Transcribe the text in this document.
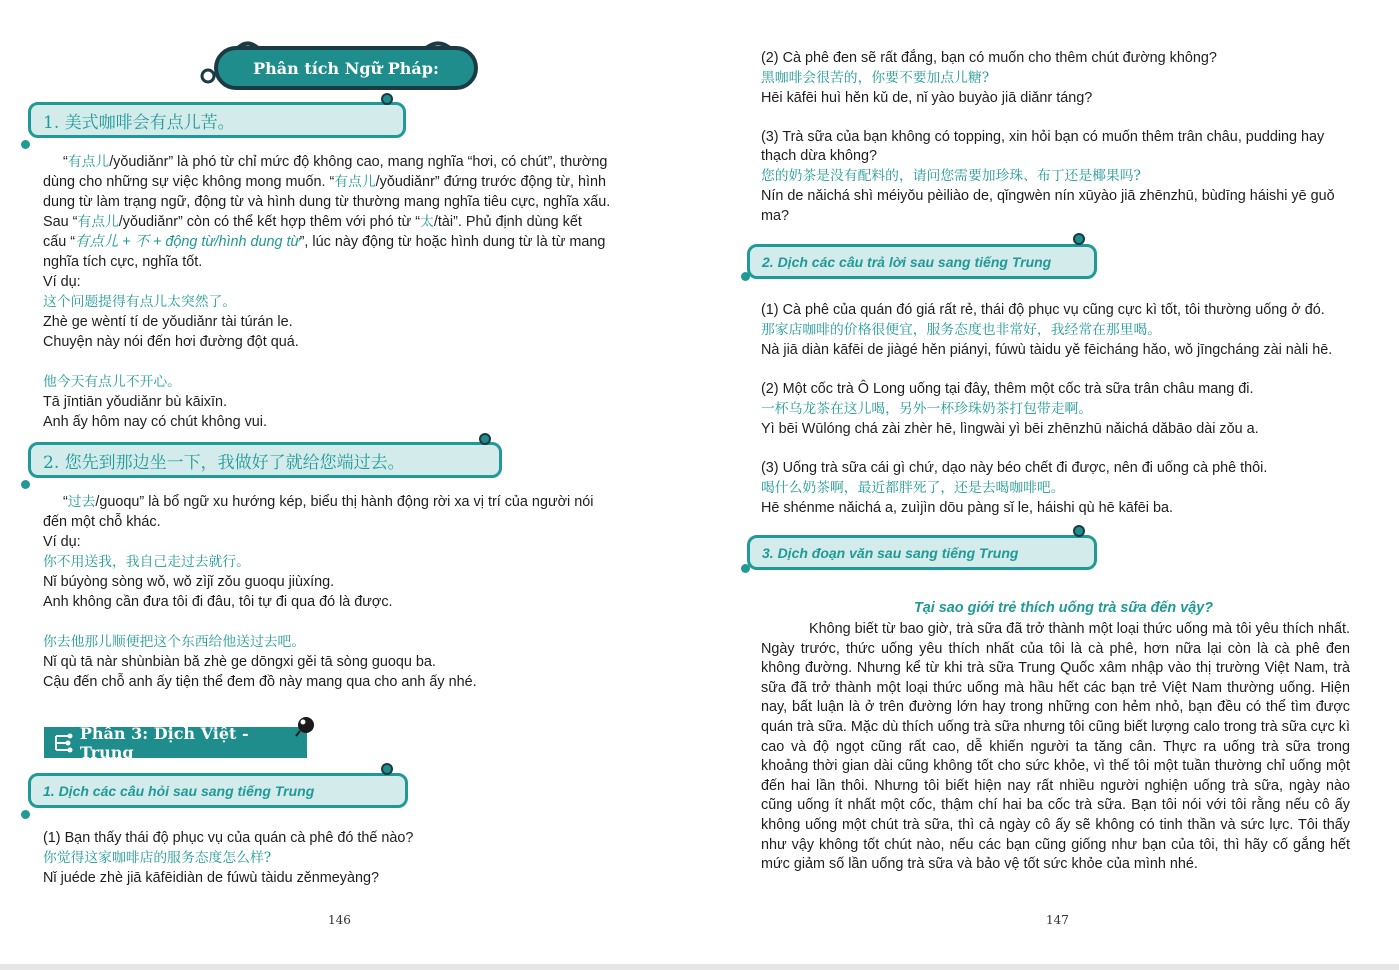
Phân tích Ngữ Pháp:
1. 美式咖啡会有点儿苦。
“有点儿/yǒudiǎnr” là phó từ chỉ mức độ không cao, mang nghĩa “hơi, có chút”, thường
dùng cho những sự việc không mong muốn. “有点儿/yǒudiǎnr” đứng trước động từ, hình
dung từ làm trạng ngữ, động từ và hình dung từ thường mang nghĩa tiêu cực, nghĩa xấu.
Sau “有点儿/yǒudiǎnr” còn có thể kết hợp thêm với phó từ “太/tài”. Phủ định dùng kết
cấu “有点儿 + 不 + động từ/hình dung từ”, lúc này động từ hoặc hình dung từ là từ mang
nghĩa tích cực, nghĩa tốt.
Ví dụ:
这个问题提得有点儿太突然了。
Zhè ge wèntí tí de yǒudiǎnr tài túrán le.
Chuyện này nói đến hơi đường đột quá.
他今天有点儿不开心。
Tā jīntiān yǒudiǎnr bù kāixīn.
Anh ấy hôm nay có chút không vui.
2. 您先到那边坐一下，我做好了就给您端过去。
“过去/guoqu” là bổ ngữ xu hướng kép, biểu thị hành động rời xa vị trí của người nói
đến một chỗ khác.
Ví dụ:
你不用送我，我自己走过去就行。
Nǐ búyòng sòng wǒ, wǒ zìjǐ zǒu guoqu jiùxíng.
Anh không cần đưa tôi đi đâu, tôi tự đi qua đó là được.
你去他那儿顺便把这个东西给他送过去吧。
Nǐ qù tā nàr shùnbiàn bǎ zhè ge dōngxi gěi tā sòng guoqu ba.
Cậu đến chỗ anh ấy tiện thể đem đồ này mang qua cho anh ấy nhé.
Phần 3: Dịch Việt - Trung
1. Dịch các câu hỏi sau sang tiếng Trung
(1) Bạn thấy thái độ phục vụ của quán cà phê đó thế nào?
你觉得这家咖啡店的服务态度怎么样?
Nǐ juéde zhè jiā kāfēidiàn de fúwù tàidu zěnmeyàng?
146
(2) Cà phê đen sẽ rất đắng, bạn có muốn cho thêm chút đường không?
黑咖啡会很苦的，你要不要加点儿糖?
Hēi kāfēi huì hěn kǔ de, nǐ yào buyào jiā diǎnr táng?
(3) Trà sữa của bạn không có topping, xin hỏi bạn có muốn thêm trân châu, pudding hay
thạch dừa không?
您的奶茶是没有配料的，请问您需要加珍珠、布丁还是椰果吗?
Nín de nǎichá shì méiyǒu pèiliào de, qǐngwèn nín xūyào jiā zhēnzhū, bùdīng háishi yē guǒ
ma?
2. Dịch các câu trả lời sau sang tiếng Trung
(1) Cà phê của quán đó giá rất rẻ, thái độ phục vụ cũng cực kì tốt, tôi thường uống ở đó.
那家店咖啡的价格很便宜，服务态度也非常好，我经常在那里喝。
Nà jiā diàn kāfēi de jiàgé hěn piányi, fúwù tàidu yě fēicháng hǎo, wǒ jīngcháng zài nàli hē.
(2) Một cốc trà Ô Long uống tại đây, thêm một cốc trà sữa trân châu mang đi.
一杯乌龙茶在这儿喝，另外一杯珍珠奶茶打包带走啊。
Yì bēi Wūlóng chá zài zhèr hē, lìngwài yì bēi zhēnzhū nǎichá dǎbāo dài zǒu a.
(3) Uống trà sữa cái gì chứ, dạo này béo chết đi được, nên đi uống cà phê thôi.
喝什么奶茶啊，最近都胖死了，还是去喝咖啡吧。
Hē shénme nǎichá a, zuìjìn dōu pàng sǐ le, háishi qù hē kāfēi ba.
3. Dịch đoạn văn sau sang tiếng Trung
Tại sao giới trẻ thích uống trà sữa đến vậy?
Không biết từ bao giờ, trà sữa đã trở thành một loại thức uống mà tôi yêu thích nhất. Ngày trước, thức uống yêu thích nhất của tôi là cà phê, hơn nữa lại còn là cà phê đen không đường. Nhưng kể từ khi trà sữa Trung Quốc xâm nhập vào thị trường Việt Nam, trà sữa đã trở thành một loại thức uống mà hầu hết các bạn trẻ Việt Nam thường uống. Hiện nay, bất luận là ở trên đường lớn hay trong những con hẻm nhỏ, bạn đều có thể tìm được quán trà sữa. Mặc dù thích uống trà sữa nhưng tôi cũng biết lượng calo trong trà sữa cực kì cao và độ ngọt cũng rất cao, dễ khiến người ta tăng cân. Thực ra uống trà sữa trong khoảng thời gian dài cũng không tốt cho sức khỏe, vì thế tôi một tuần thường chỉ uống một đến hai lần thôi. Nhưng tôi biết hiện nay rất nhiều người nghiện uống trà sữa, ngày nào cũng uống ít nhất một cốc, thậm chí hai ba cốc trà sữa. Bạn tôi nói với tôi rằng nếu cô ấy không uống một chút trà sữa, thì cả ngày cô ấy sẽ không có tinh thần và sức lực. Tôi thấy như vậy không tốt chút nào, nếu các bạn cũng giống như bạn của tôi, thì hãy cố gắng hết mức giảm số lần uống trà sữa và bảo vệ tốt sức khỏe của mình nhé.
147
